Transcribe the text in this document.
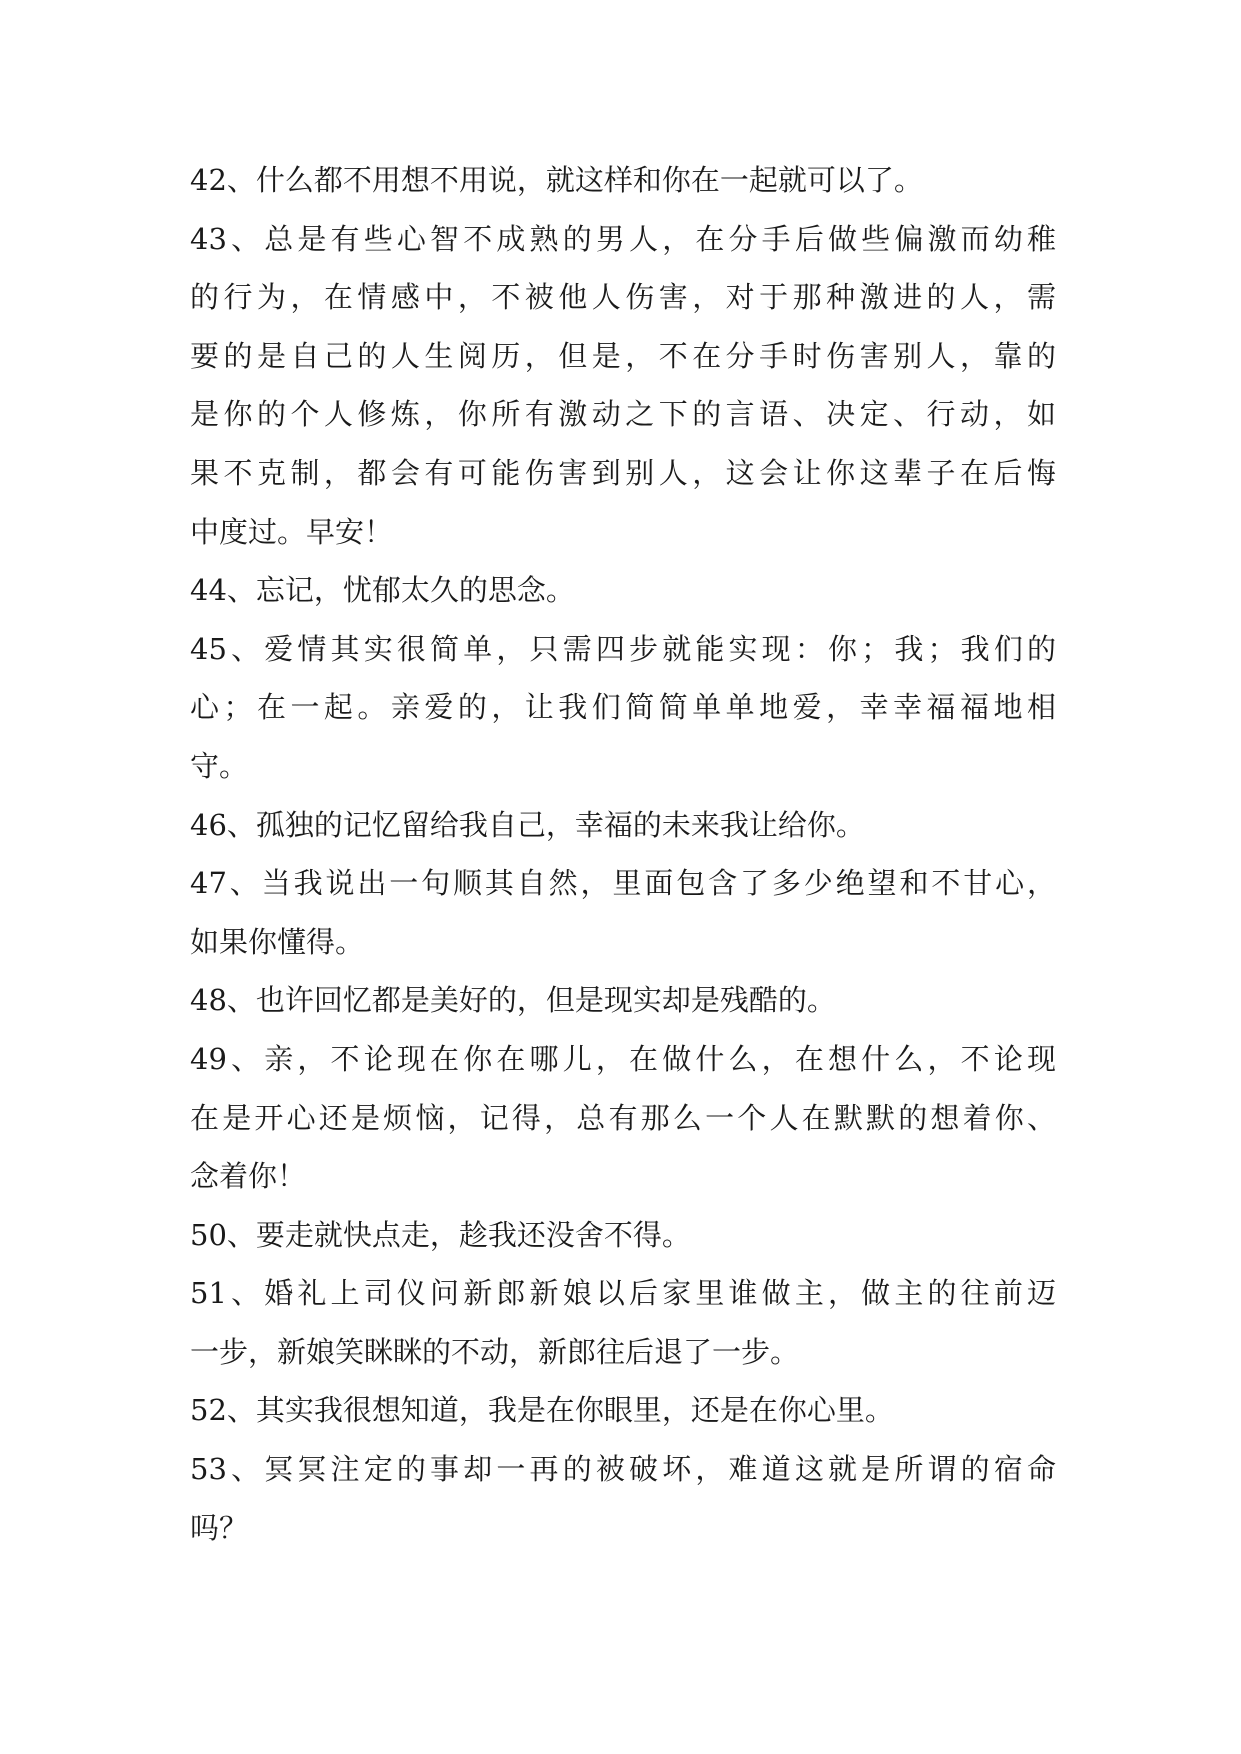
42、什么都不用想不用说，就这样和你在一起就可以了。
43、总是有些心智不成熟的男人，在分手后做些偏激而幼稚
的行为，在情感中，不被他人伤害，对于那种激进的人，需
要的是自己的人生阅历，但是，不在分手时伤害别人，靠的
是你的个人修炼，你所有激动之下的言语、决定、行动，如
果不克制，都会有可能伤害到别人，这会让你这辈子在后悔
中度过。早安！
44、忘记，忧郁太久的思念。
45、爱情其实很简单，只需四步就能实现：你；我；我们的
心；在一起。亲爱的，让我们简简单单地爱，幸幸福福地相
守。
46、孤独的记忆留给我自己，幸福的未来我让给你。
47、当我说出一句顺其自然，里面包含了多少绝望和不甘心，
如果你懂得。
48、也许回忆都是美好的，但是现实却是残酷的。
49、亲，不论现在你在哪儿，在做什么，在想什么，不论现
在是开心还是烦恼，记得，总有那么一个人在默默的想着你、
念着你！
50、要走就快点走，趁我还没舍不得。
51、婚礼上司仪问新郎新娘以后家里谁做主，做主的往前迈
一步，新娘笑眯眯的不动，新郎往后退了一步。
52、其实我很想知道，我是在你眼里，还是在你心里。
53、冥冥注定的事却一再的被破坏，难道这就是所谓的宿命
吗？
